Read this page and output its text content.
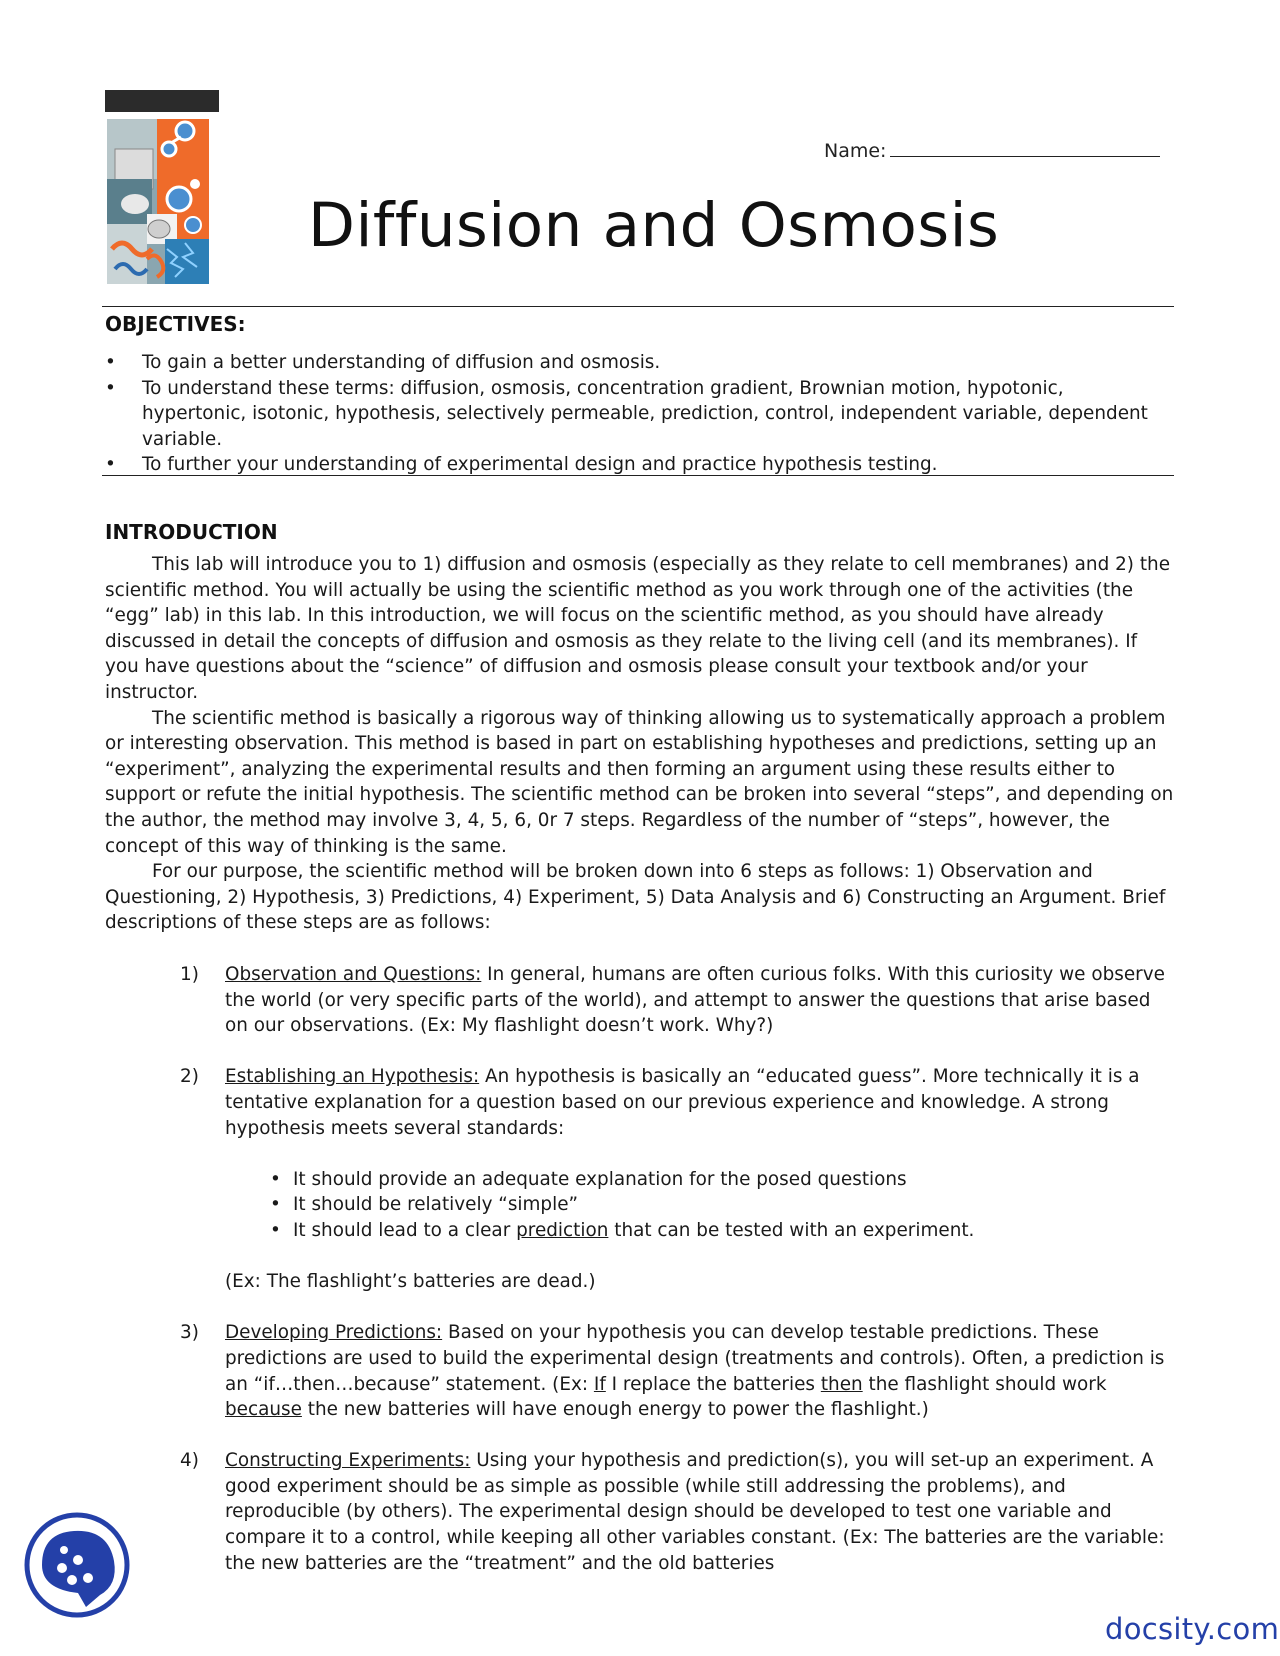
Name:
Diffusion and Osmosis
OBJECTIVES:
• To gain a better understanding of diffusion and osmosis.
• To understand these terms: diffusion, osmosis, concentration gradient, Brownian motion, hypotonic, hypertonic, isotonic, hypothesis, selectively permeable, prediction, control, independent variable, dependent variable.
• To further your understanding of experimental design and practice hypothesis testing.
INTRODUCTION

This lab will introduce you to 1) diffusion and osmosis (especially as they relate to cell membranes) and 2) the scientific method. You will actually be using the scientific method as you work through one of the activities (the “egg” lab) in this lab. In this introduction, we will focus on the scientific method, as you should have already discussed in detail the concepts of diffusion and osmosis as they relate to the living cell (and its membranes). If you have questions about the “science” of diffusion and osmosis please consult your textbook and/or your instructor.

The scientific method is basically a rigorous way of thinking allowing us to systematically approach a problem or interesting observation. This method is based in part on establishing hypotheses and predictions, setting up an “experiment”, analyzing the experimental results and then forming an argument using these results either to support or refute the initial hypothesis. The scientific method can be broken into several “steps”, and depending on the author, the method may involve 3, 4, 5, 6, 0r 7 steps. Regardless of the number of “steps”, however, the concept of this way of thinking is the same.

For our purpose, the scientific method will be broken down into 6 steps as follows: 1) Observation and Questioning, 2) Hypothesis, 3) Predictions, 4) Experiment, 5) Data Analysis and 6) Constructing an Argument. Brief descriptions of these steps are as follows:

1) Observation and Questions: In general, humans are often curious folks. With this curiosity we observe the world (or very specific parts of the world), and attempt to answer the questions that arise based on our observations. (Ex: My flashlight doesn’t work. Why?)
2) Establishing an Hypothesis: An hypothesis is basically an “educated guess”. More technically it is a tentative explanation for a question based on our previous experience and knowledge. A strong hypothesis meets several standards:
• It should provide an adequate explanation for the posed questions
• It should be relatively “simple”
• It should lead to a clear prediction that can be tested with an experiment.
(Ex: The flashlight’s batteries are dead.)
3) Developing Predictions: Based on your hypothesis you can develop testable predictions. These predictions are used to build the experimental design (treatments and controls). Often, a prediction is an “if…then…because” statement. (Ex: If I replace the batteries then the flashlight should work because the new batteries will have enough energy to power the flashlight.)
4) Constructing Experiments: Using your hypothesis and prediction(s), you will set-up an experiment. A good experiment should be as simple as possible (while still addressing the problems), and reproducible (by others). The experimental design should be developed to test one variable and compare it to a control, while keeping all other variables constant. (Ex: The batteries are the variable: the new batteries are the “treatment” and the old batteries
docsity.com
